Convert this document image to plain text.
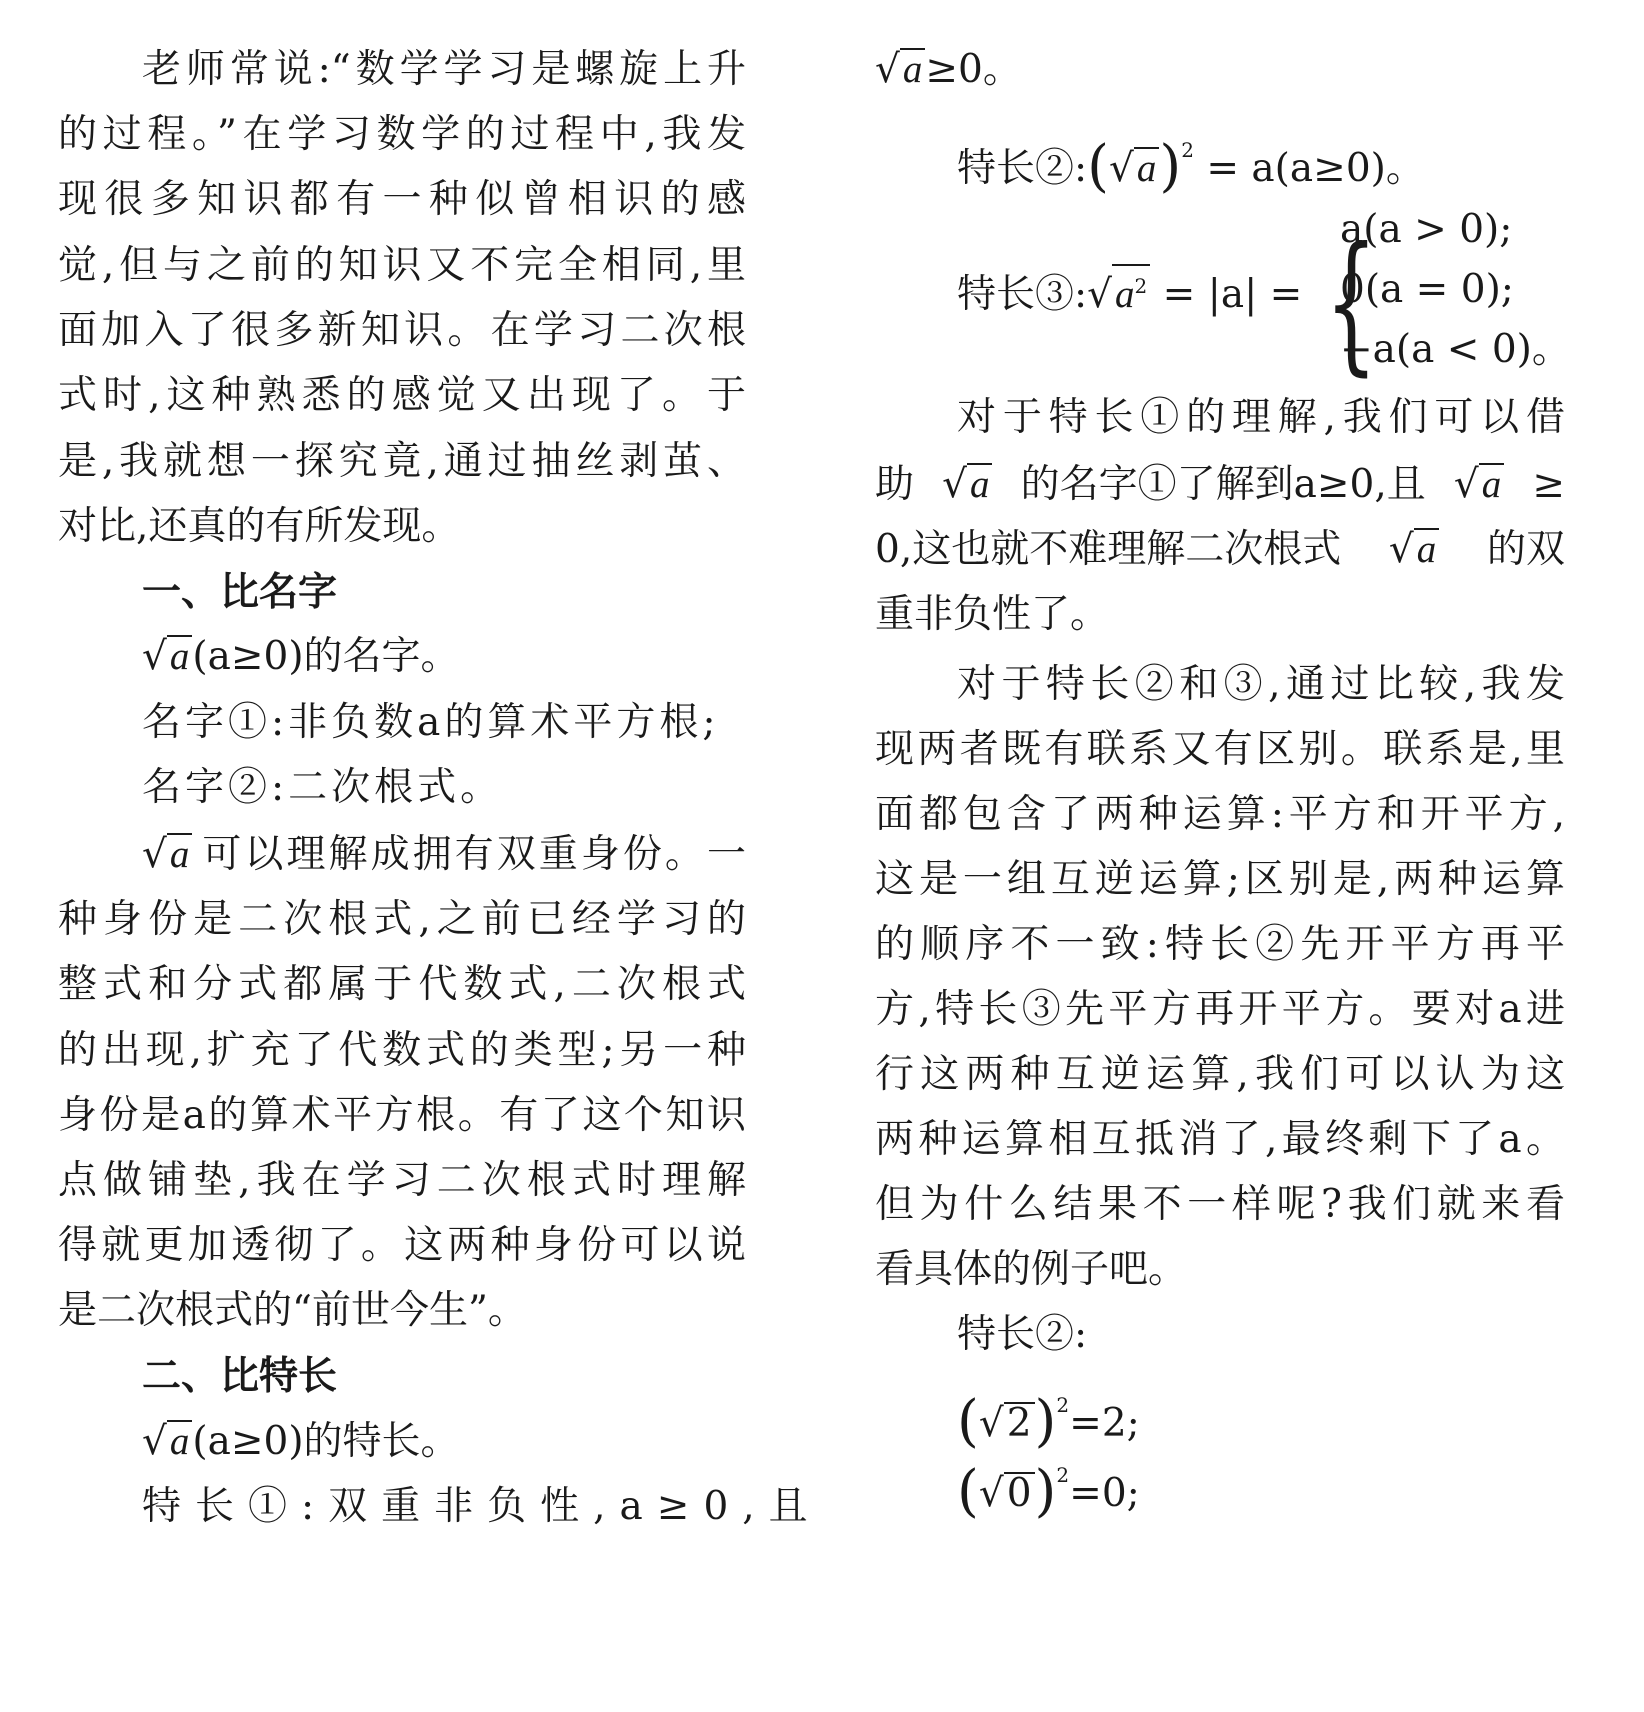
老师常说:“数学学习是螺旋上升
的过程。”在学习数学的过程中,我发
现很多知识都有一种似曾相识的感
觉,但与之前的知识又不完全相同,里
面加入了很多新知识。在学习二次根
式时,这种熟悉的感觉又出现了。于
是,我就想一探究竟,通过抽丝剥茧、
对比,还真的有所发现。
一、比名字
√a(a≥0)的名字。
名字①:非负数a的算术平方根;
名字②:二次根式。
√a 可以理解成拥有双重身份。一
种身份是二次根式,之前已经学习的
整式和分式都属于代数式,二次根式
的出现,扩充了代数式的类型;另一种
身份是a的算术平方根。有了这个知识
点做铺垫,我在学习二次根式时理解
得就更加透彻了。这两种身份可以说
是二次根式的“前世今生”。
二、比特长
√a(a≥0)的特长。
特长①:双重非负性,a≥0,且
√a≥0。
特长$②:(√a)^2 = a(a\ge 0)$。
特长$③:√a^2 = |a|$ = {
a(a > 0);
0(a = 0);
−a(a < 0)。
对于特长①的理解,我们可以借
助 √a 的名字①了解到a≥0,且 √a ≥
0,这也就不难理解二次根式 √a 的双
重非负性了。
对于特长②和③,通过比较,我发
现两者既有联系又有区别。联系是,里
面都包含了两种运算:平方和开平方,
这是一组互逆运算;区别是,两种运算
的顺序不一致:特长②先开平方再平
方,特长③先平方再开平方。要对a进
行这两种互逆运算,我们可以认为这
两种运算相互抵消了,最终剩下了a。
但为什么结果不一样呢?我们就来看
看具体的例子吧。
特长②:
$(√2)^2=2$;
$(√0)^2=0$;
